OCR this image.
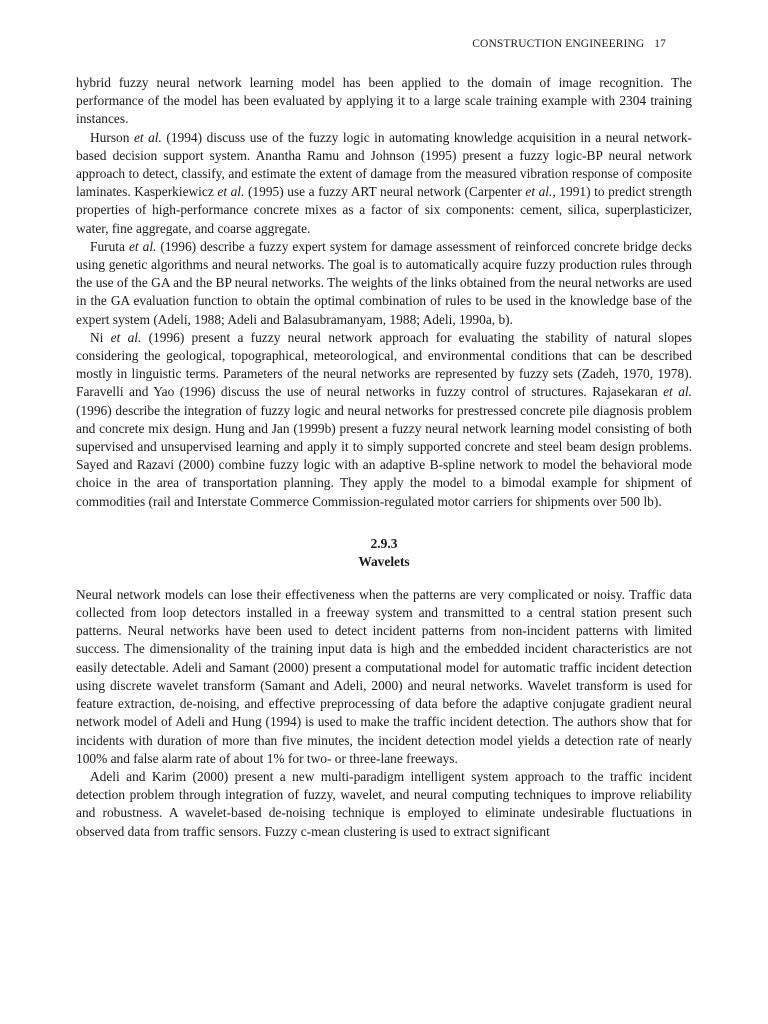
CONSTRUCTION ENGINEERING 17

hybrid fuzzy neural network learning model has been applied to the domain of image recognition. The performance of the model has been evaluated by applying it to a large scale training example with 2304 training instances.

Hurson et al. (1994) discuss use of the fuzzy logic in automating knowledge acquisition in a neural network-based decision support system. Anantha Ramu and Johnson (1995) present a fuzzy logic-BP neural network approach to detect, classify, and estimate the extent of damage from the measured vibration response of composite laminates. Kasperkiewicz et al. (1995) use a fuzzy ART neural network (Carpenter et al., 1991) to predict strength properties of high-performance concrete mixes as a factor of six components: cement, silica, superplasticizer, water, fine aggregate, and coarse aggregate.

Furuta et al. (1996) describe a fuzzy expert system for damage assessment of reinforced concrete bridge decks using genetic algorithms and neural networks. The goal is to automatically acquire fuzzy production rules through the use of the GA and the BP neural networks. The weights of the links obtained from the neural networks are used in the GA evaluation function to obtain the optimal combination of rules to be used in the knowledge base of the expert system (Adeli, 1988; Adeli and Balasubramanyam, 1988; Adeli, 1990a, b).

Ni et al. (1996) present a fuzzy neural network approach for evaluating the stability of natural slopes considering the geological, topographical, meteorological, and environmental conditions that can be described mostly in linguistic terms. Parameters of the neural networks are represented by fuzzy sets (Zadeh, 1970, 1978). Faravelli and Yao (1996) discuss the use of neural networks in fuzzy control of structures. Rajasekaran et al. (1996) describe the integration of fuzzy logic and neural networks for prestressed concrete pile diagnosis problem and concrete mix design. Hung and Jan (1999b) present a fuzzy neural network learning model consisting of both supervised and unsupervised learning and apply it to simply supported concrete and steel beam design problems. Sayed and Razavi (2000) combine fuzzy logic with an adaptive B-spline network to model the behavioral mode choice in the area of transportation planning. They apply the model to a bimodal example for shipment of commodities (rail and Interstate Commerce Commission-regulated motor carriers for shipments over 500 lb).

2.9.3
Wavelets

Neural network models can lose their effectiveness when the patterns are very complicated or noisy. Traffic data collected from loop detectors installed in a freeway system and transmitted to a central station present such patterns. Neural networks have been used to detect incident patterns from non-incident patterns with limited success. The dimensionality of the training input data is high and the embedded incident characteristics are not easily detectable. Adeli and Samant (2000) present a computational model for automatic traffic incident detection using discrete wavelet transform (Samant and Adeli, 2000) and neural networks. Wavelet transform is used for feature extraction, de-noising, and effective preprocessing of data before the adaptive conjugate gradient neural network model of Adeli and Hung (1994) is used to make the traffic incident detection. The authors show that for incidents with duration of more than five minutes, the incident detection model yields a detection rate of nearly 100% and false alarm rate of about 1% for two- or three-lane freeways.

Adeli and Karim (2000) present a new multi-paradigm intelligent system approach to the traffic incident detection problem through integration of fuzzy, wavelet, and neural computing techniques to improve reliability and robustness. A wavelet-based de-noising technique is employed to eliminate undesirable fluctuations in observed data from traffic sensors. Fuzzy c-mean clustering is used to extract significant
